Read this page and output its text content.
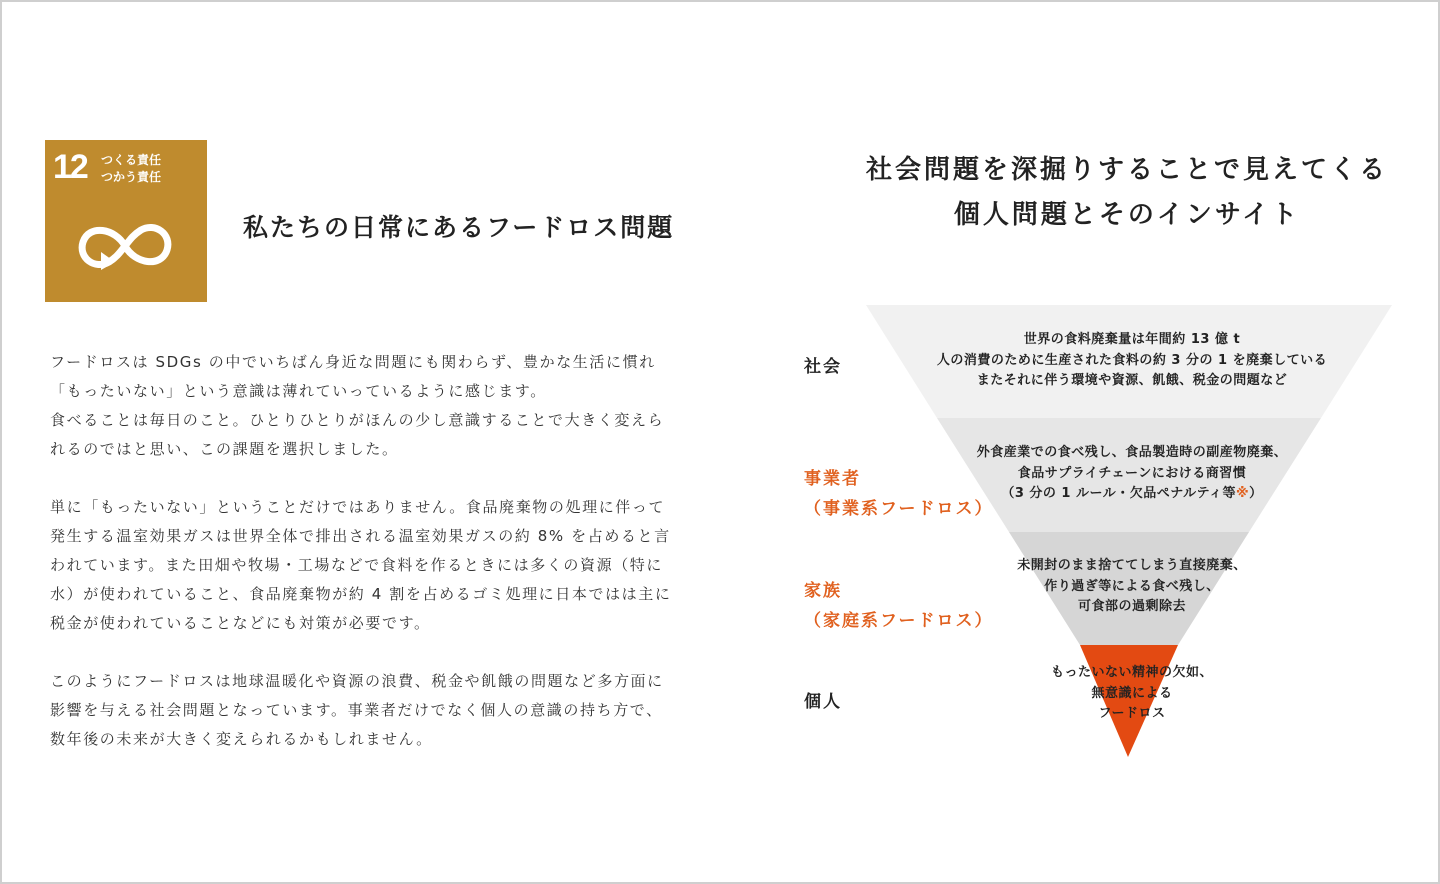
12 つくる責任
つかう責任
私たちの日常にあるフードロス問題

フードロスは SDGs の中でいちばん身近な問題にも関わらず、豊かな生活に慣れ
「もったいない」という意識は薄れていっているように感じます。
食べることは毎日のこと。ひとりひとりがほんの少し意識することで大きく変えら
れるのではと思い、この課題を選択しました。

単に「もったいない」ということだけではありません。食品廃棄物の処理に伴って
発生する温室効果ガスは世界全体で排出される温室効果ガスの約 8% を占めると言
われています。また田畑や牧場・工場などで食料を作るときには多くの資源（特に
水）が使われていること、食品廃棄物が約 4 割を占めるゴミ処理に日本ではは主に
税金が使われていることなどにも対策が必要です。

このようにフードロスは地球温暖化や資源の浪費、税金や飢餓の問題など多方面に
影響を与える社会問題となっています。事業者だけでなく個人の意識の持ち方で、
数年後の未来が大きく変えられるかもしれません。

社会問題を深掘りすることで見えてくる
個人問題とそのインサイト
社会
事業者
（事業系フードロス）
家族
（家庭系フードロス）
個人
世界の食料廃棄量は年間約 13 億 t
人の消費のために生産された食料の約 3 分の 1 を廃棄している
またそれに伴う環境や資源、飢餓、税金の問題など
外食産業での食べ残し、食品製造時の副産物廃棄、
食品サプライチェーンにおける商習慣
（3 分の 1 ルール・欠品ペナルティ等※）
未開封のまま捨ててしまう直接廃棄、
作り過ぎ等による食べ残し、
可食部の過剰除去
もったいない精神の欠如、
無意識による
フードロス
